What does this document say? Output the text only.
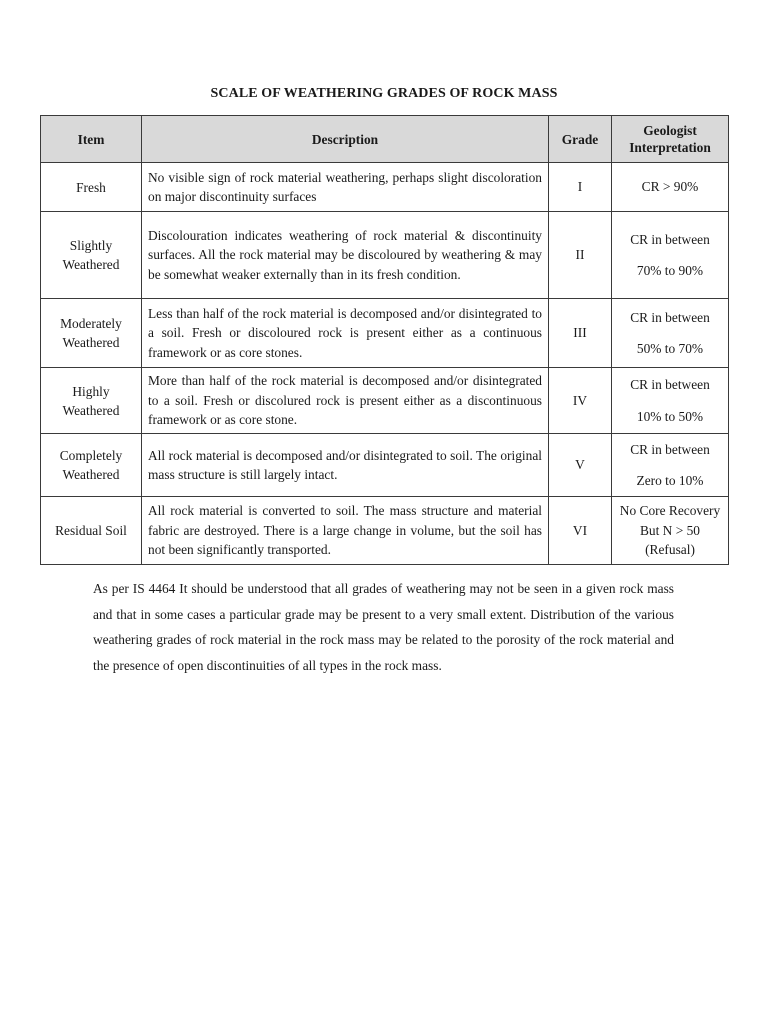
SCALE OF WEATHERING GRADES OF ROCK MASS
Item	Description	Grade	Geologist Interpretation
Fresh	No visible sign of rock material weathering, perhaps slight discoloration on major discontinuity surfaces	I	CR > 90%
Slightly Weathered	Discolouration indicates weathering of rock material & discontinuity surfaces. All the rock material may be discoloured by weathering & may be somewhat weaker externally than in its fresh condition.	II	CR in between
70% to 90%

Moderately Weathered	Less than half of the rock material is decomposed and/or disintegrated to a soil. Fresh or discoloured rock is present either as a continuous framework or as core stones.	III	CR in between
50% to 70%

Highly Weathered	More than half of the rock material is decomposed and/or disintegrated to a soil. Fresh or discolured rock is present either as a discontinuous framework or as core stone.	IV	CR in between
10% to 50%

Completely Weathered	All rock material is decomposed and/or disintegrated to soil. The original mass structure is still largely intact.	V	CR in between
Zero to 10%

Residual Soil	All rock material is converted to soil. The mass structure and material fabric are destroyed. There is a large change in volume, but the soil has not been significantly transported.	VI	No Core Recovery But N > 50 (Refusal)

As per IS 4464 It should be understood that all grades of weathering may not be seen in a given rock mass and that in some cases a particular grade may be present to a very small extent. Distribution of the various weathering grades of rock material in the rock mass may be related to the porosity of the rock material and the presence of open discontinuities of all types in the rock mass.
